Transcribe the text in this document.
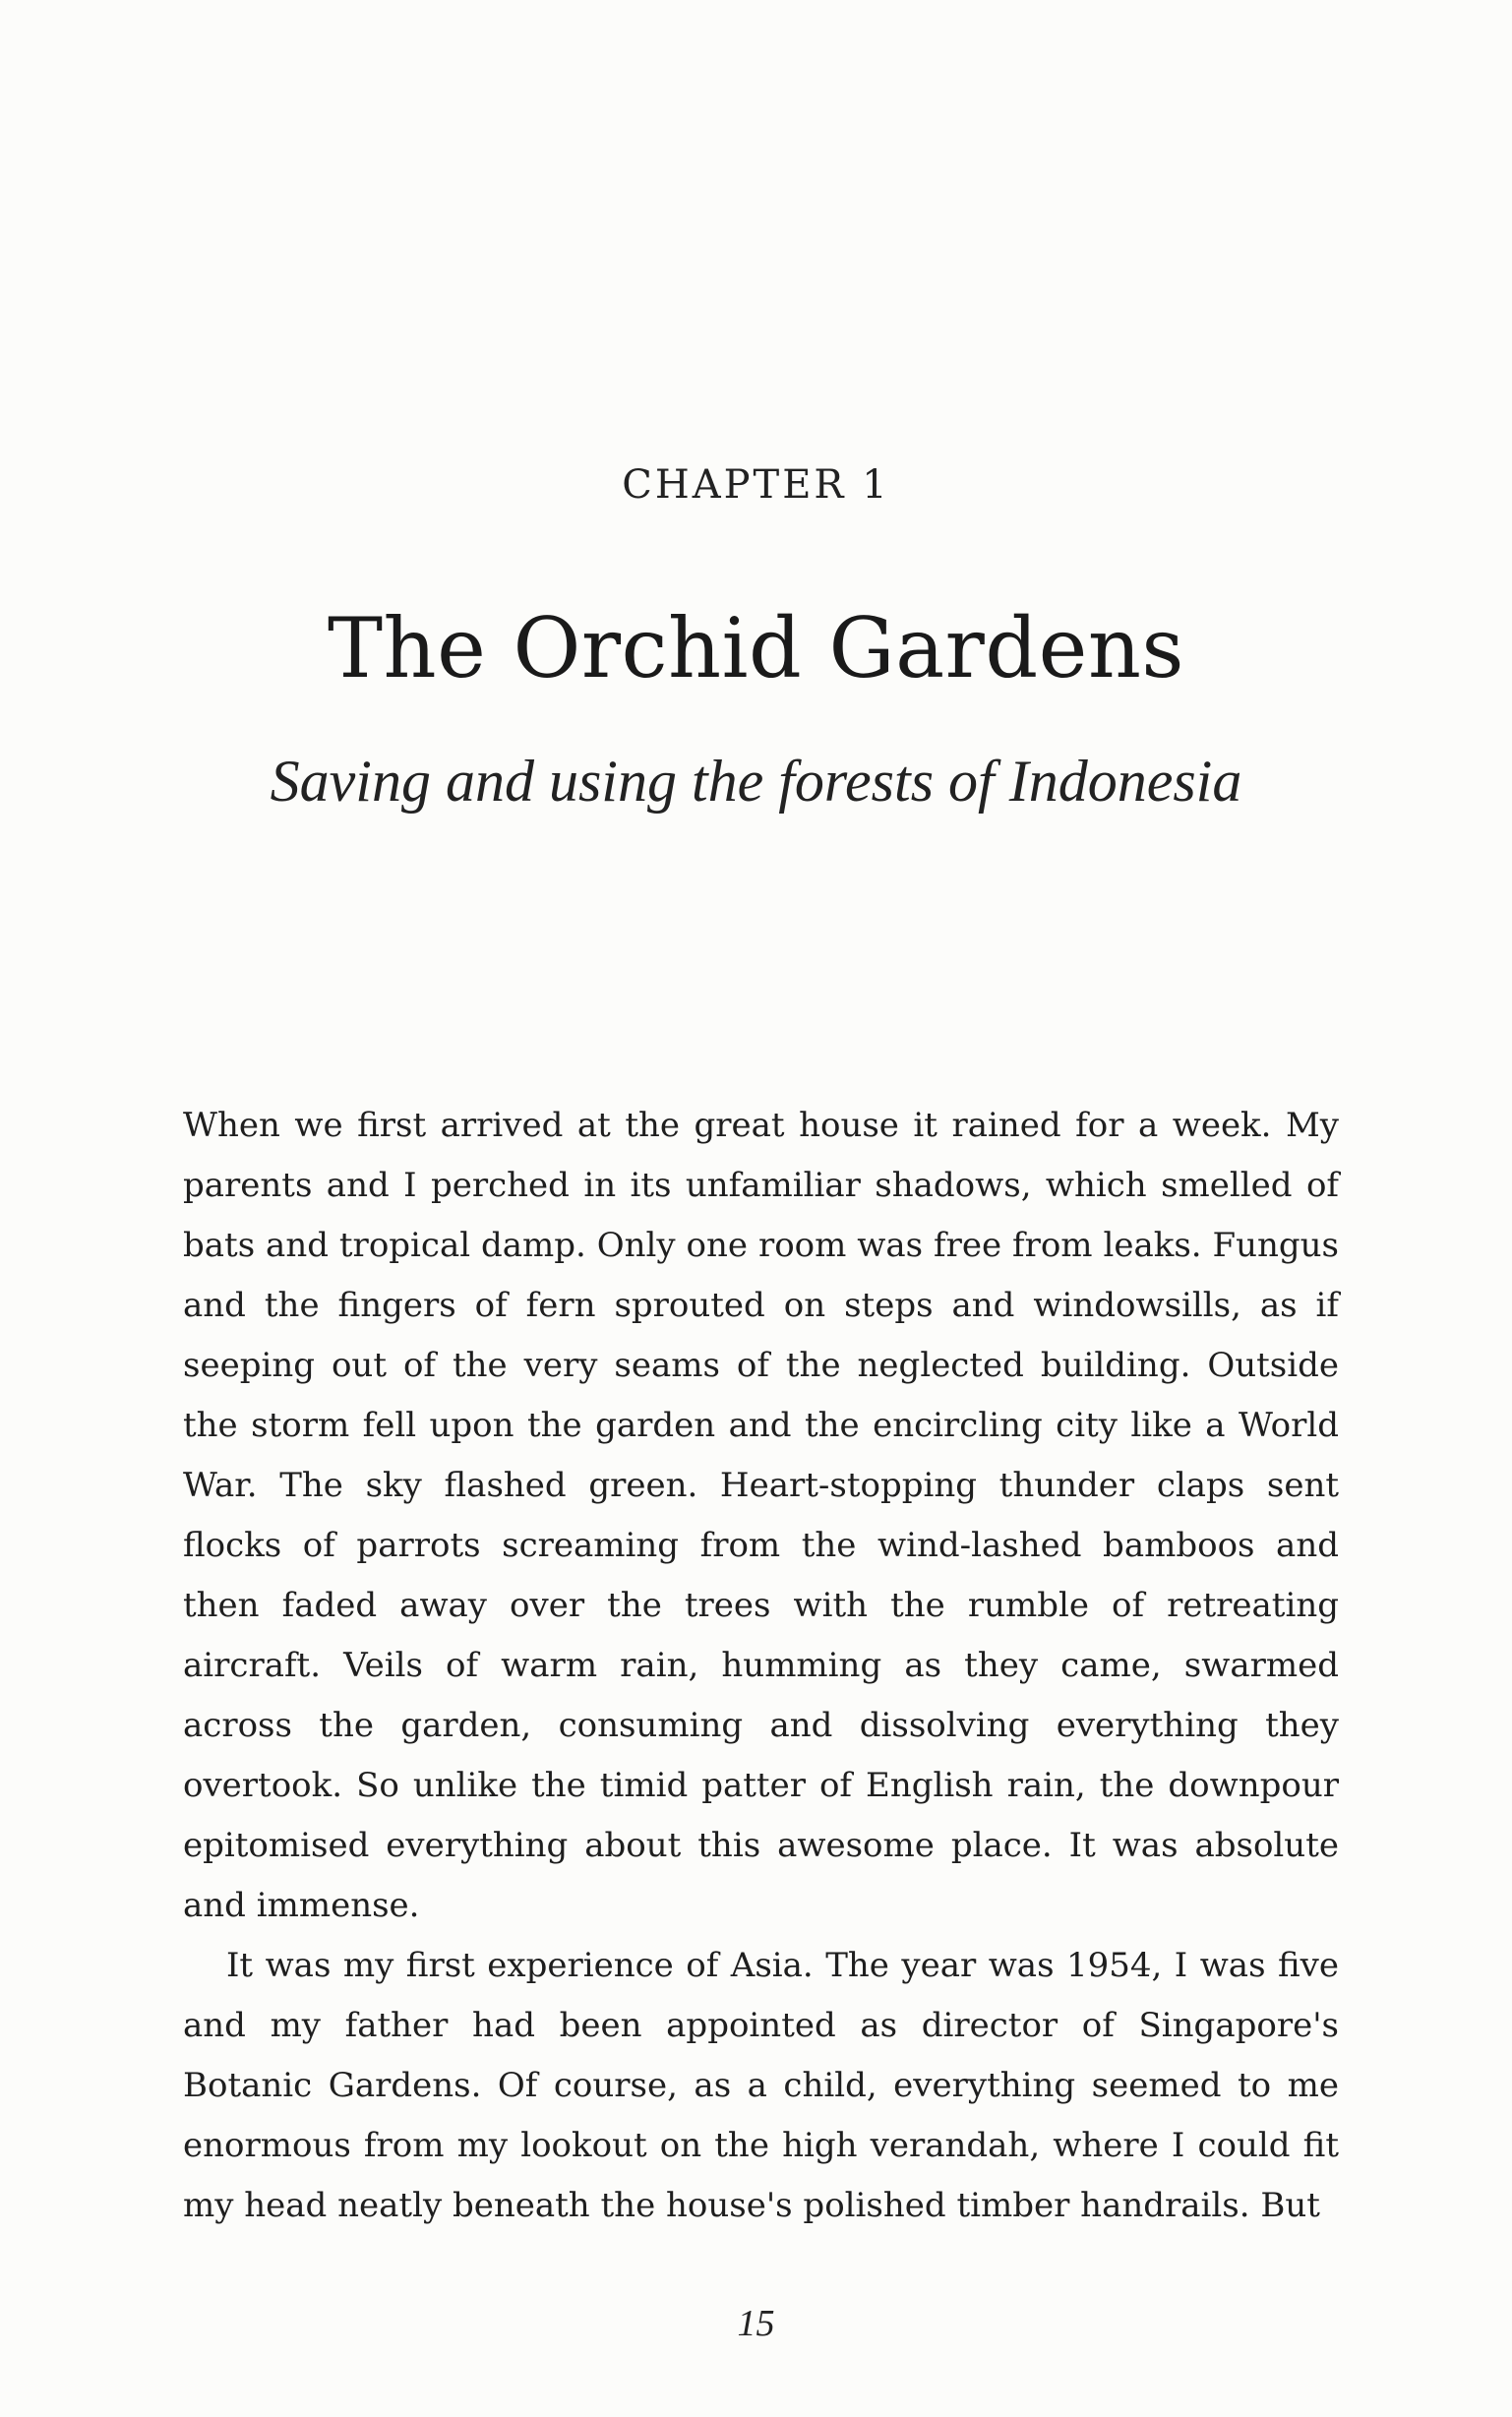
CHAPTER 1
The Orchid Gardens
Saving and using the forests of Indonesia

When we first arrived at the great house it rained for a week. My parents and I perched in its unfamiliar shadows, which smelled of bats and tropical damp. Only one room was free from leaks. Fungus and the fingers of fern sprouted on steps and windowsills, as if seeping out of the very seams of the neglected building. Outside the storm fell upon the garden and the encircling city like a World War. The sky flashed green. Heart-stopping thunder claps sent flocks of parrots screaming from the wind-lashed bamboos and then faded away over the trees with the rumble of retreating aircraft. Veils of warm rain, humming as they came, swarmed across the garden, consuming and dissolving everything they overtook. So unlike the timid patter of English rain, the downpour epitomised everything about this awesome place. It was absolute and immense.

It was my first experience of Asia. The year was 1954, I was five and my father had been appointed as director of Singapore's Botanic Gardens. Of course, as a child, everything seemed to me enormous from my lookout on the high verandah, where I could fit my head neatly beneath the house's polished timber handrails. But

15
